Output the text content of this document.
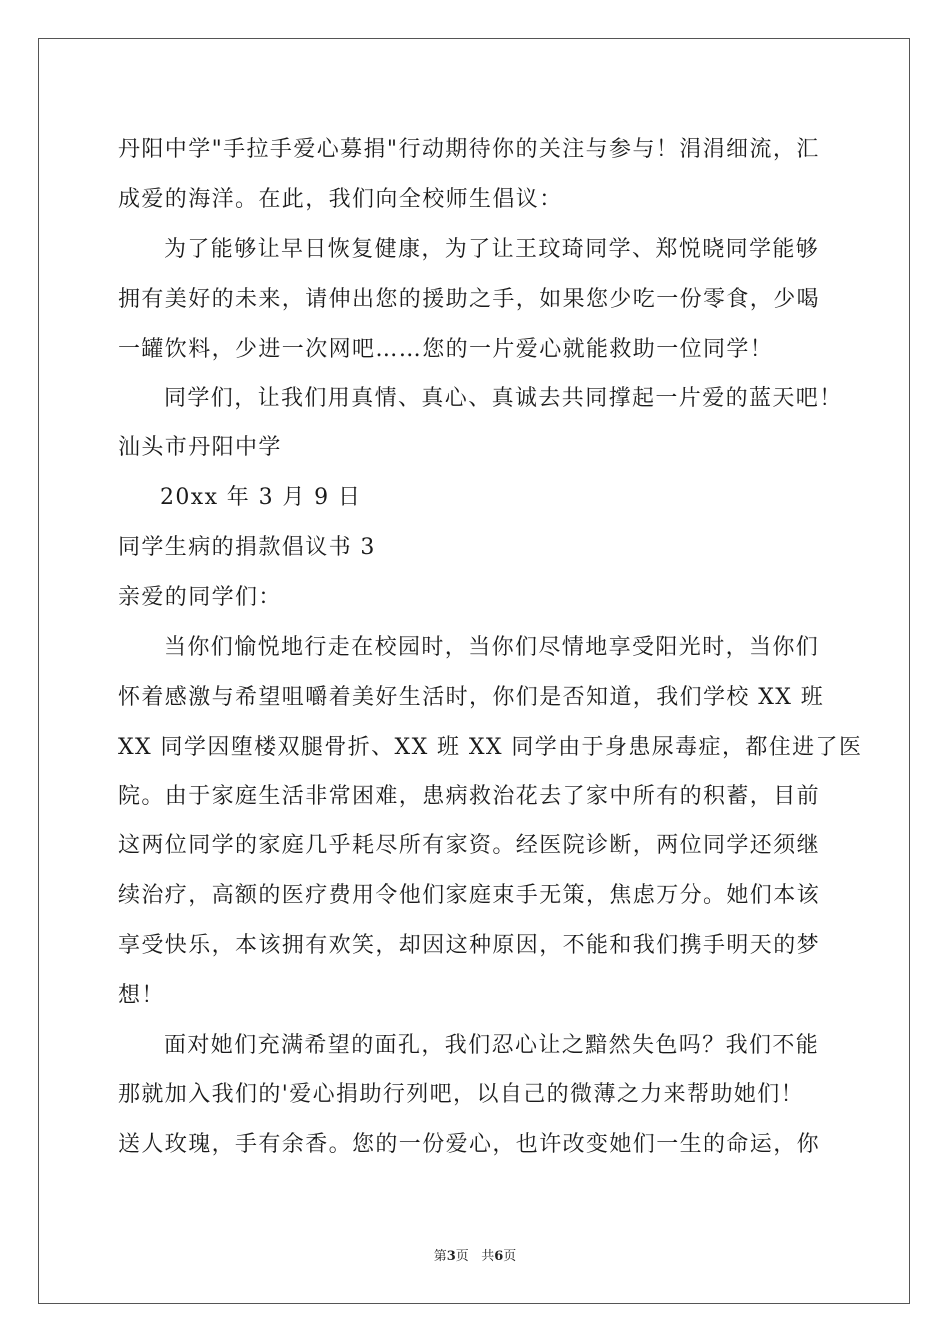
丹阳中学"手拉手爱心募捐"行动期待你的关注与参与！涓涓细流，汇

成爱的海洋。在此，我们向全校师生倡议：

为了能够让早日恢复健康，为了让王玟琦同学、郑悦晓同学能够

拥有美好的未来，请伸出您的援助之手，如果您少吃一份零食，少喝

一罐饮料，少进一次网吧……您的一片爱心就能救助一位同学！

同学们，让我们用真情、真心、真诚去共同撑起一片爱的蓝天吧！

汕头市丹阳中学

20xx 年 3 月 9 日

同学生病的捐款倡议书 3

亲爱的同学们：

当你们愉悦地行走在校园时，当你们尽情地享受阳光时，当你们

怀着感激与希望咀嚼着美好生活时，你们是否知道，我们学校 XX 班

XX 同学因堕楼双腿骨折、XX 班 XX 同学由于身患尿毒症，都住进了医

院。由于家庭生活非常困难，患病救治花去了家中所有的积蓄，目前

这两位同学的家庭几乎耗尽所有家资。经医院诊断，两位同学还须继

续治疗，高额的医疗费用令他们家庭束手无策，焦虑万分。她们本该

享受快乐，本该拥有欢笑，却因这种原因，不能和我们携手明天的梦

想！

面对她们充满希望的面孔，我们忍心让之黯然失色吗？我们不能

那就加入我们的'爱心捐助行列吧，以自己的微薄之力来帮助她们！

送人玫瑰，手有余香。您的一份爱心，也许改变她们一生的命运，你

第3页   共6页
